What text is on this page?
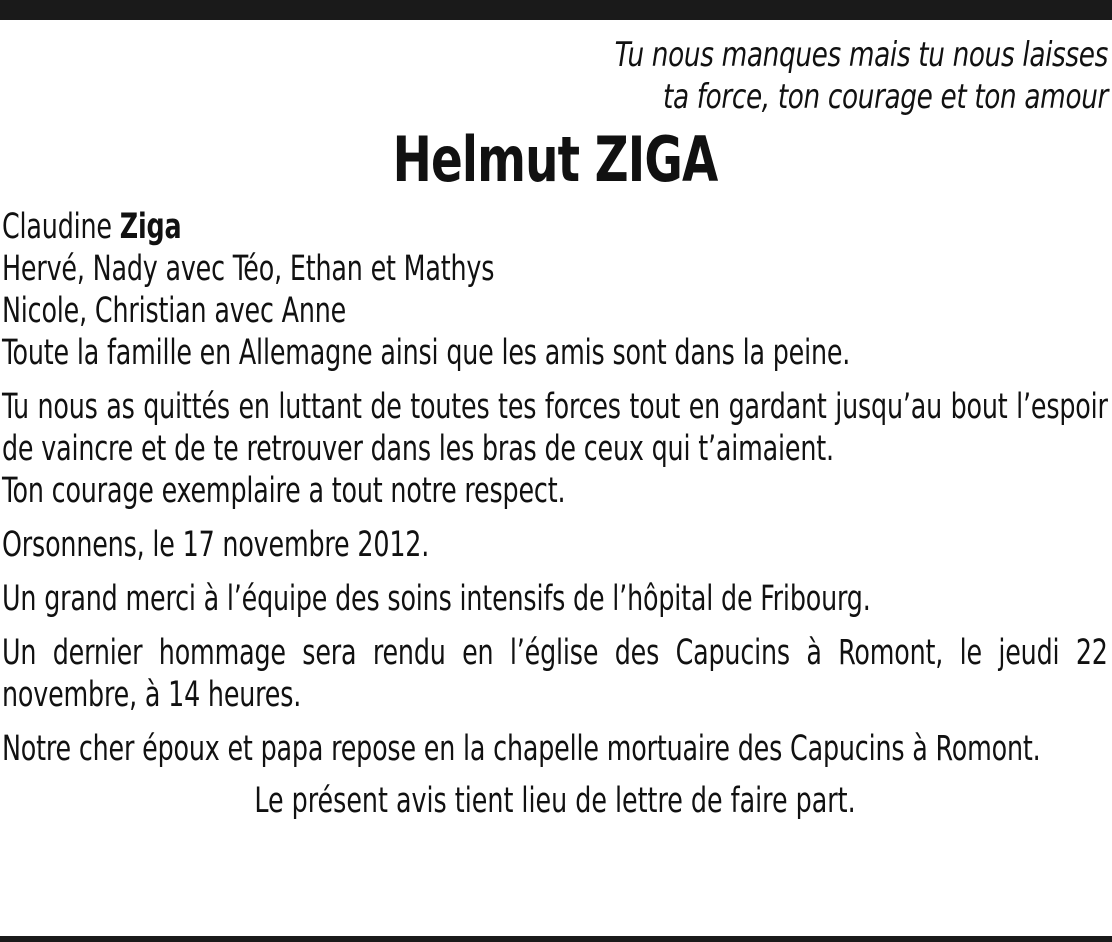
Tu nous manques mais tu nous laisses
ta force, ton courage et ton amour
Helmut ZIGA
Claudine Ziga
Hervé, Nady avec Téo, Ethan et Mathys
Nicole, Christian avec Anne
Toute la famille en Allemagne ainsi que les amis sont dans la peine.

Tu nous as quittés en luttant de toutes tes forces tout en gardant jusqu’au bout l’espoir de vaincre et de te retrouver dans les bras de ceux qui t’aimaient.

Ton courage exemplaire a tout notre respect.

Orsonnens, le 17 novembre 2012.

Un grand merci à l’équipe des soins intensifs de l’hôpital de Fribourg.

Un dernier hommage sera rendu en l’église des Capucins à Romont, le jeudi 22 novembre, à 14 heures.

Notre cher époux et papa repose en la chapelle mortuaire des Capucins à Romont.

Le présent avis tient lieu de lettre de faire part.
